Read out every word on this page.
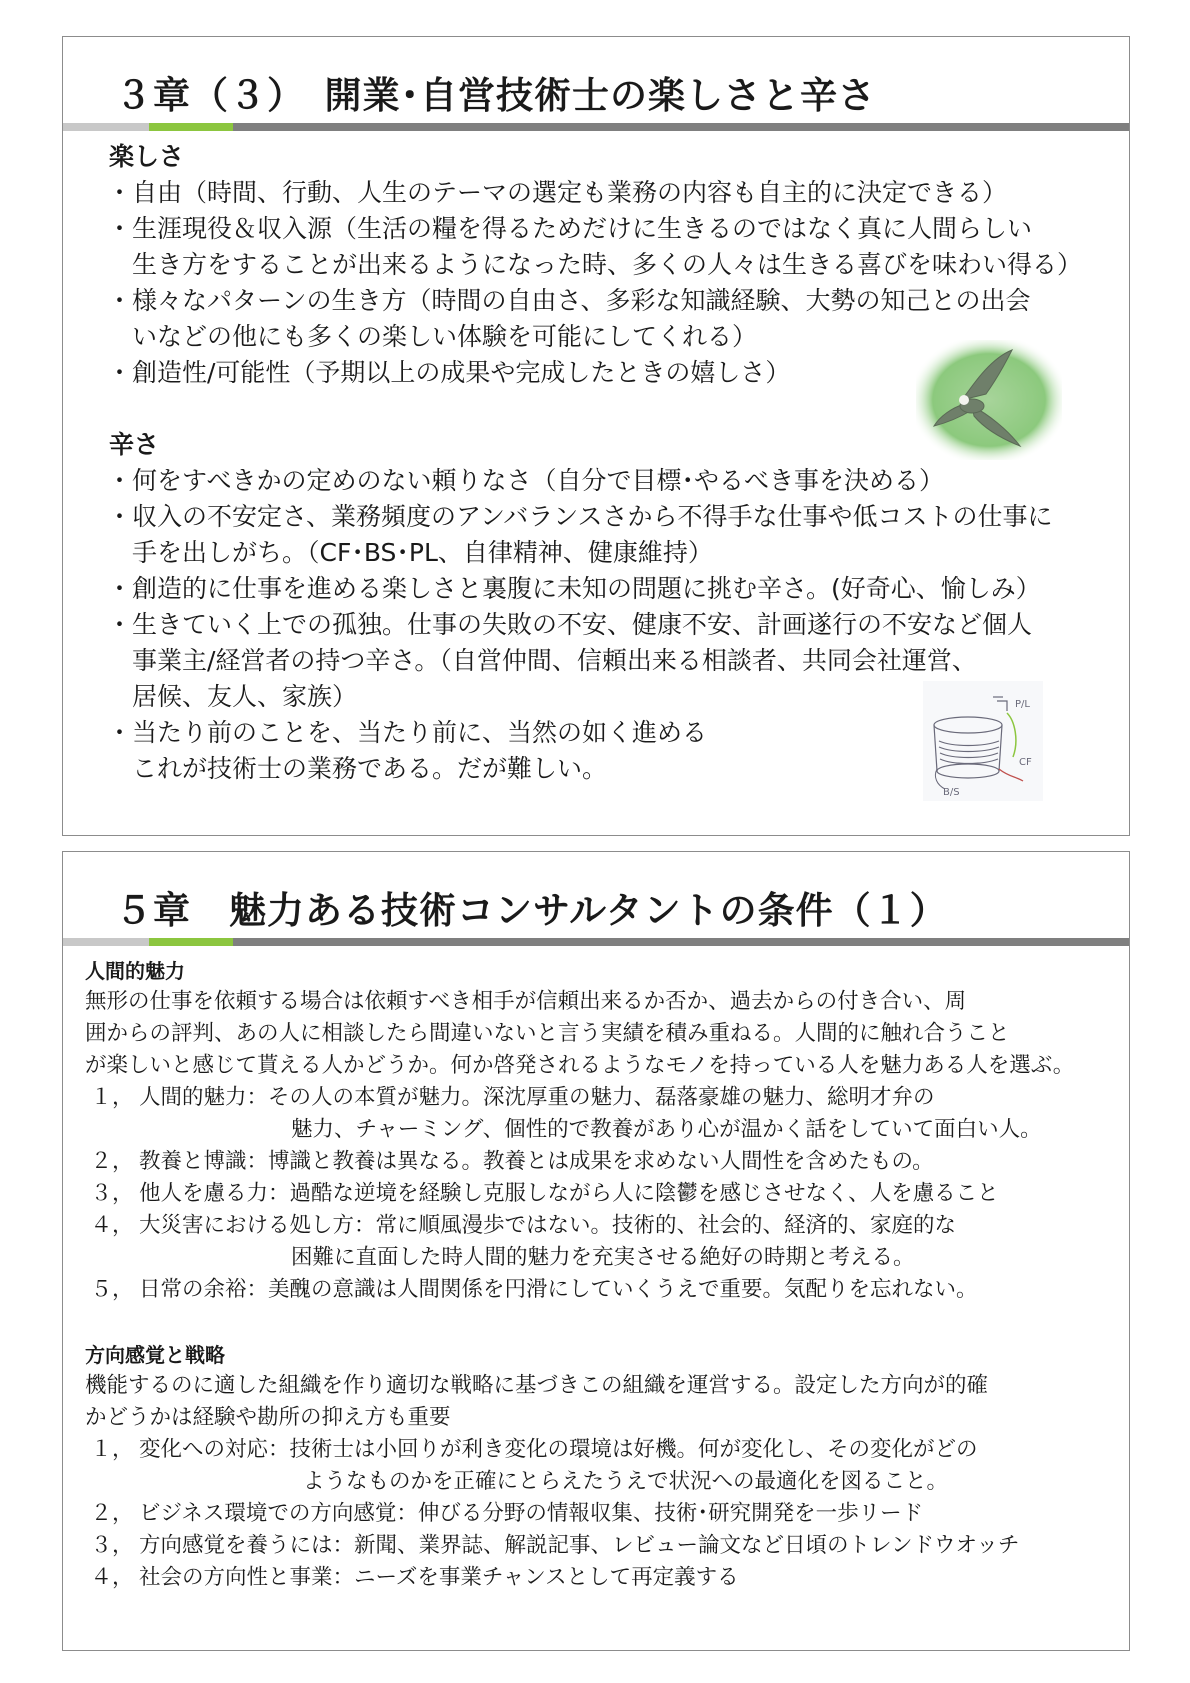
３章（３）　開業･自営技術士の楽しさと辛さ
楽しさ
・自由（時間、行動、人生のテーマの選定も業務の内容も自主的に決定できる）
・生涯現役＆収入源（生活の糧を得るためだけに生きるのではなく真に人間らしい
　生き方をすることが出来るようになった時、多くの人々は生きる喜びを味わい得る）
・様々なパターンの生き方（時間の自由さ、多彩な知識経験、大勢の知己との出会
　いなどの他にも多くの楽しい体験を可能にしてくれる）
・創造性/可能性（予期以上の成果や完成したときの嬉しさ）
辛さ
・何をすべきかの定めのない頼りなさ（自分で目標･やるべき事を決める）
・収入の不安定さ、業務頻度のアンバランスさから不得手な仕事や低コストの仕事に
　手を出しがち。（CF･BS･PL、自律精神、健康維持）
・創造的に仕事を進める楽しさと裏腹に未知の問題に挑む辛さ。(好奇心、愉しみ）
・生きていく上での孤独。仕事の失敗の不安、健康不安、計画遂行の不安など個人
　事業主/経営者の持つ辛さ。（自営仲間、信頼出来る相談者、共同会社運営、
　居候、友人、家族）
・当たり前のことを、当たり前に、当然の如く進める
　これが技術士の業務である。だが難しい。
P/L
B/S
CF
５章　魅力ある技術コンサルタントの条件（１）
人間的魅力
無形の仕事を依頼する場合は依頼すべき相手が信頼出来るか否か、過去からの付き合い、周
囲からの評判、あの人に相談したら間違いないと言う実績を積み重ねる。人間的に触れ合うこと
が楽しいと感じて貰える人かどうか。何か啓発されるようなモノを持っている人を魅力ある人を選ぶ。
１， 人間的魅力：その人の本質が魅力。深沈厚重の魅力、磊落豪雄の魅力、総明才弁の
魅力、チャーミング、個性的で教養があり心が温かく話をしていて面白い人。
２， 教養と博識：博識と教養は異なる。教養とは成果を求めない人間性を含めたもの。
３， 他人を慮る力：過酷な逆境を経験し克服しながら人に陰鬱を感じさせなく、人を慮ること
４， 大災害における処し方：常に順風漫歩ではない。技術的、社会的、経済的、家庭的な
困難に直面した時人間的魅力を充実させる絶好の時期と考える。
５， 日常の余裕：美醜の意識は人間関係を円滑にしていくうえで重要。気配りを忘れない。
方向感覚と戦略
機能するのに適した組織を作り適切な戦略に基づきこの組織を運営する。設定した方向が的確
かどうかは経験や勘所の抑え方も重要
１， 変化への対応：技術士は小回りが利き変化の環境は好機。何が変化し、その変化がどの
ようなものかを正確にとらえたうえで状況への最適化を図ること。
２， ビジネス環境での方向感覚：伸びる分野の情報収集、技術･研究開発を一歩リード
３， 方向感覚を養うには：新聞、業界誌、解説記事、レビュー論文など日頃のトレンドウオッチ
４， 社会の方向性と事業：ニーズを事業チャンスとして再定義する
